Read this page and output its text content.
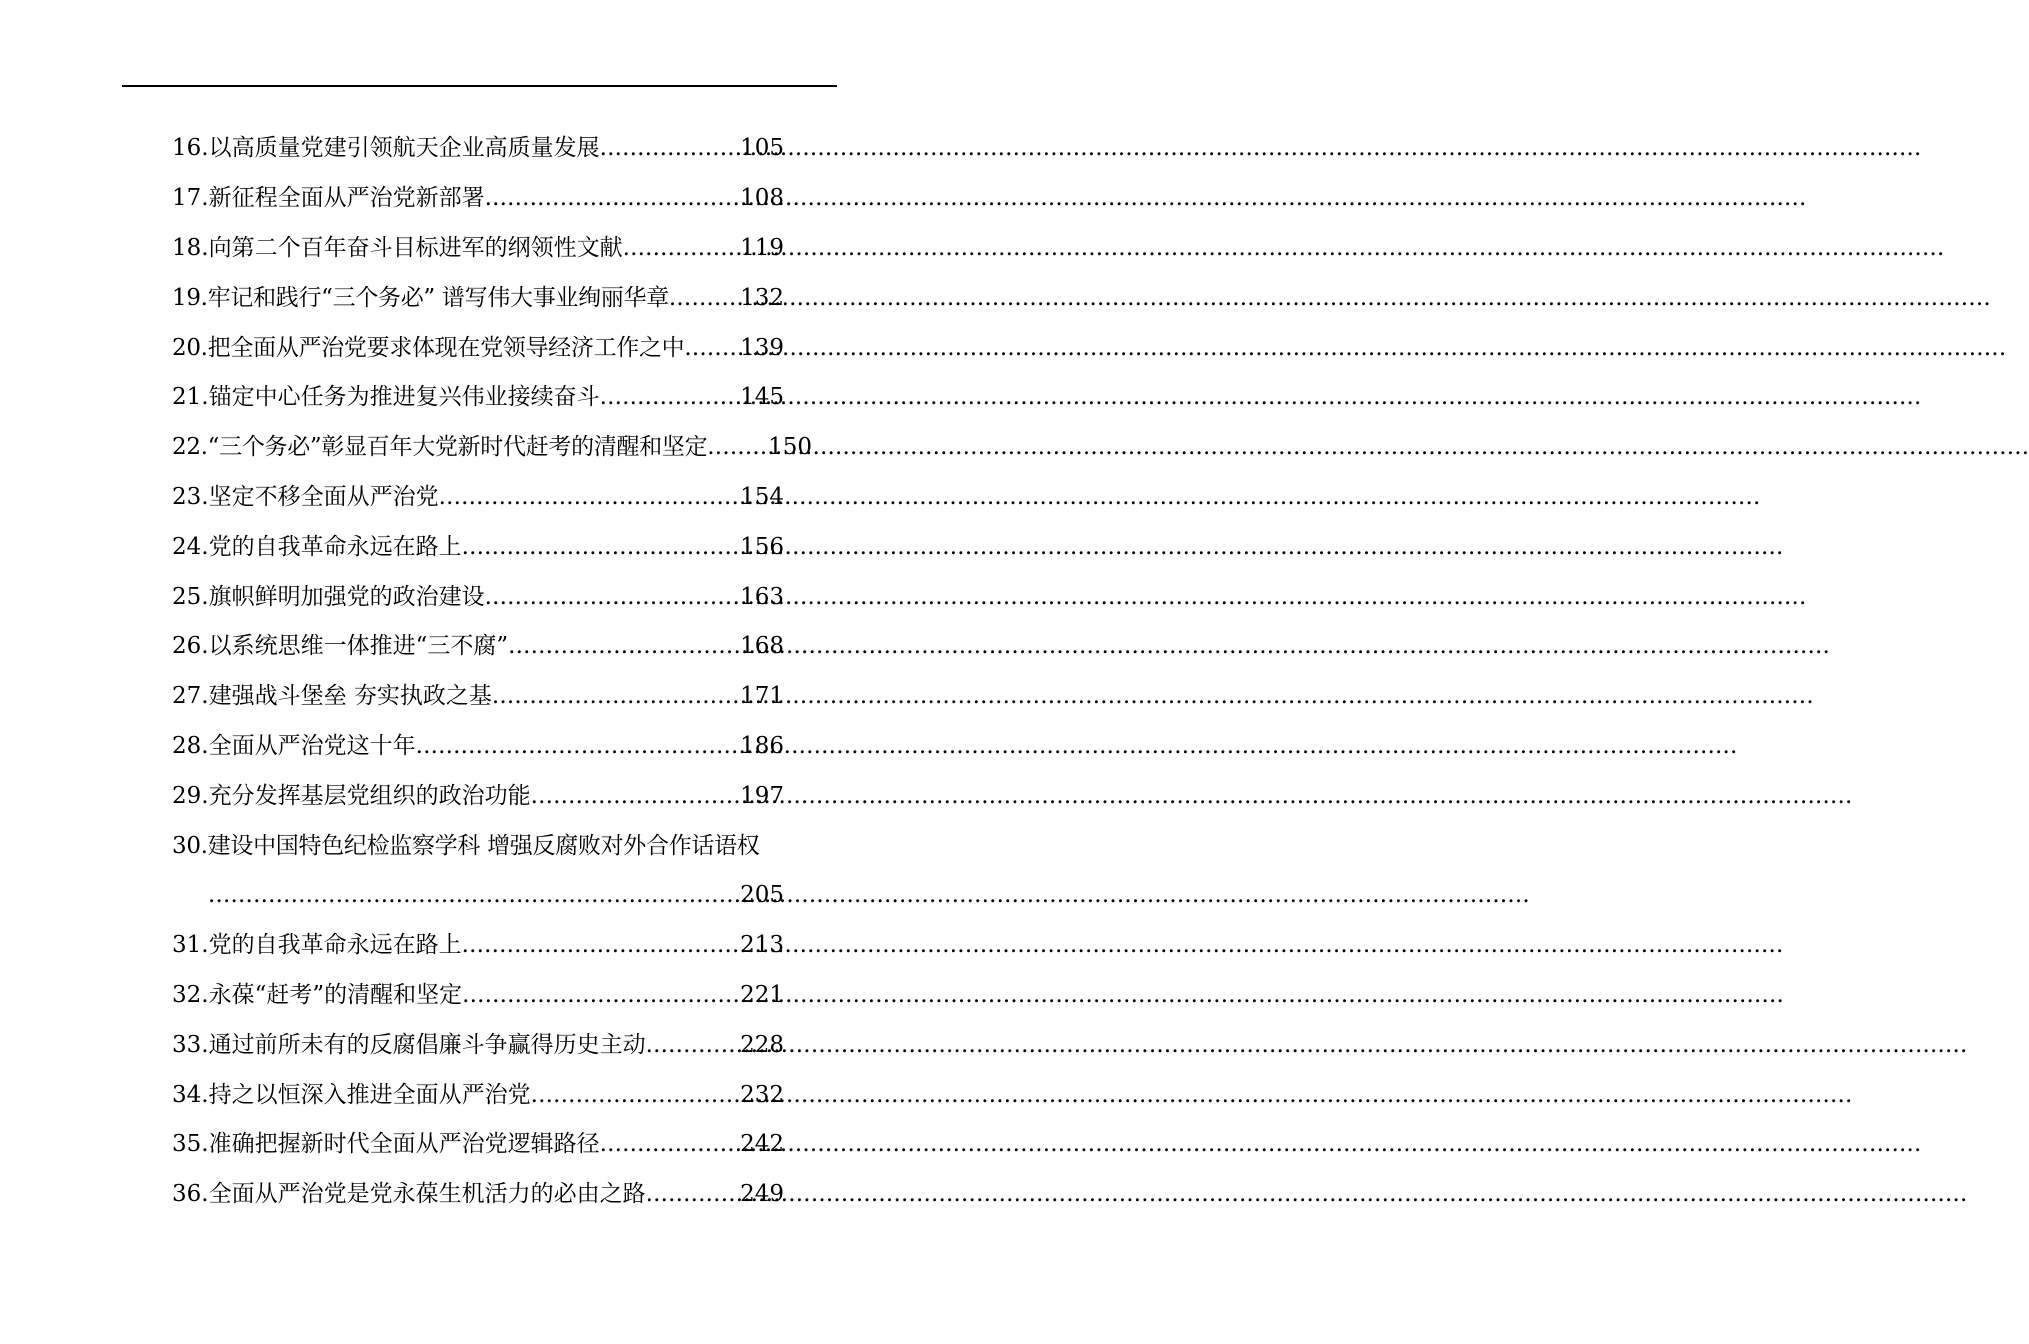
16.以高质量党建引领航天企业高质量发展 .....	105
17.新征程全面从严治党新部署 .....	108
18.向第二个百年奋斗目标进军的纲领性文献 .....	119
19.牢记和践行“三个务必” 谱写伟大事业绚丽华章 .....	132
20.把全面从严治党要求体现在党领导经济工作之中 ..... 139
21.锚定中心任务为推进复兴伟业接续奋斗 .....	145
22.“三个务必”彰显百年大党新时代赶考的清醒和坚定 .....	150
23.坚定不移全面从严治党 .....	154
24.党的自我革命永远在路上 .....	156
25.旗帜鲜明加强党的政治建设 .....	163
26.以系统思维一体推进“三不腐” .....	168
27.建强战斗堡垒 夯实执政之基 .....	171
28.全面从严治党这十年 .....	186
29.充分发挥基层党组织的政治功能 .....	197
30.建设中国特色纪检监察学科 增强反腐败对外合作话语权
.....
205
31.党的自我革命永远在路上 .....	213
32.永葆“赶考”的清醒和坚定 .....	221
33.通过前所未有的反腐倡廉斗争赢得历史主动 .....	228
34.持之以恒深入推进全面从严治党 .....	232
35.准确把握新时代全面从严治党逻辑路径 .....	242
36.全面从严治党是党永葆生机活力的必由之路 .....	249
